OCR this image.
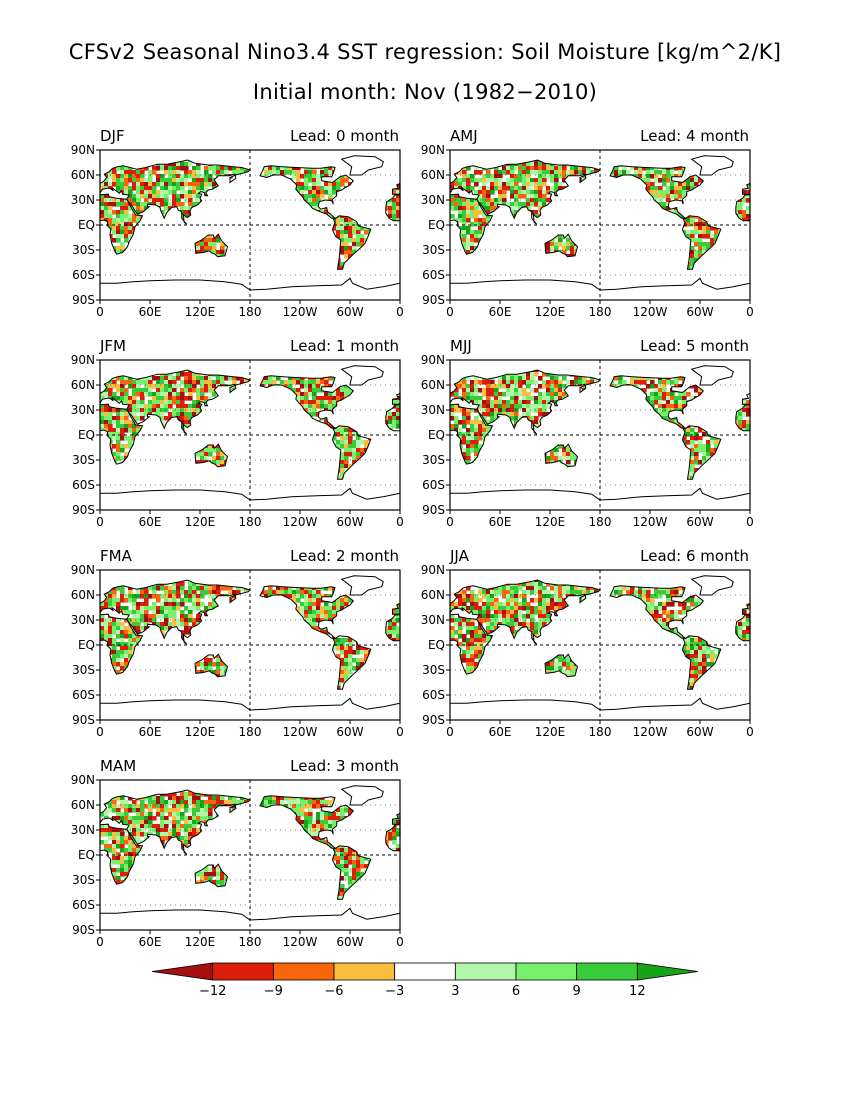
CFSv2 Seasonal Nino3.4 SST regression: Soil Moisture [kg/m^2/K]
Initial month: Nov (1982−2010)
0	60E 120E 180 120W 60W	0
90N
60N
30N
EQ
30S
60S
90S
DJF	Lead: 0 month
0	60E 120E 180 120W 60W	0
90N
60N
30N
EQ
30S
60S
90S
AMJ	Lead: 4 month
0	60E 120E 180 120W 60W	0
90N
60N
30N
EQ
30S
60S
90S
JFM	Lead: 1 month
0	60E 120E 180 120W 60W	0
90N
60N
30N
EQ
30S
60S
90S
MJJ	Lead: 5 month
0	60E 120E 180 120W 60W	0
90N
60N
30N
EQ
30S
60S
90S
FMA	Lead: 2 month
0	60E 120E 180 120W 60W	0
90N
60N
30N
EQ
30S
60S
90S
JJA	Lead: 6 month
0	60E 120E 180 120W 60W	0
90N
60N
30N
EQ
30S
60S
90S
MAM	Lead: 3 month
−12	−9	−6	−3	3	6	9	12
